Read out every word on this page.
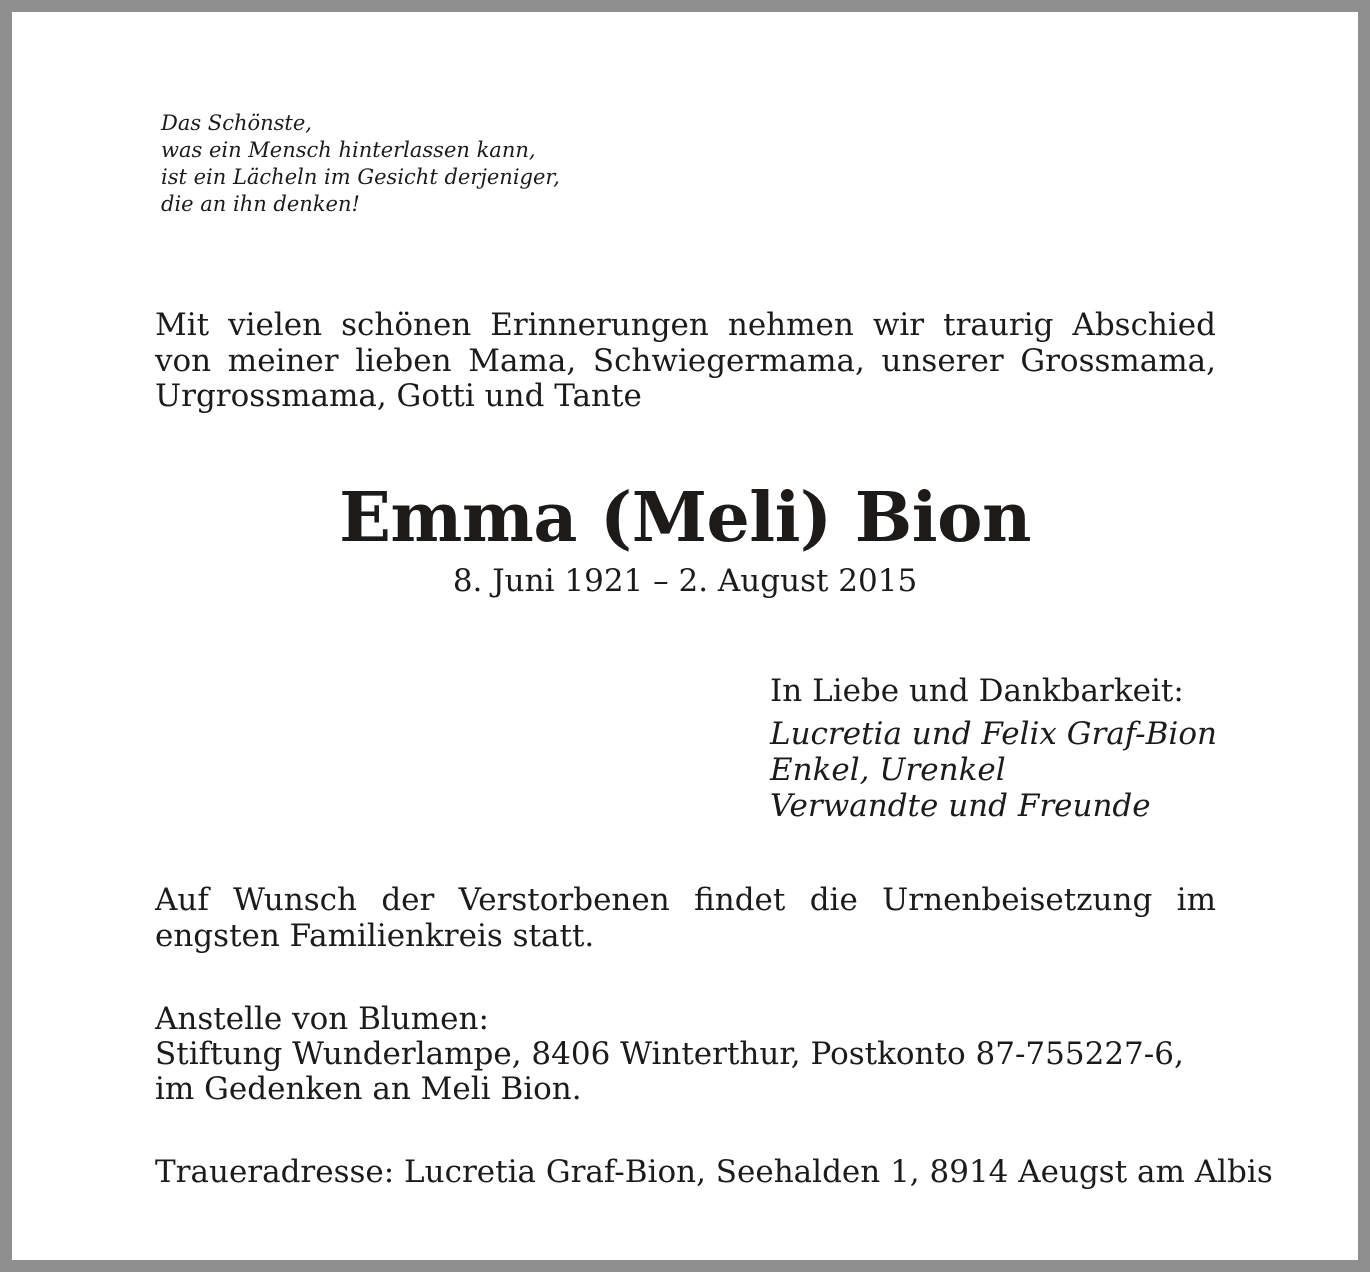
Das Schönste,
was ein Mensch hinterlassen kann,
ist ein Lächeln im Gesicht derjeniger,
die an ihn denken!
Mit vielen schönen Erinnerungen nehmen wir traurig Abschied
von meiner lieben Mama, Schwiegermama, unserer Grossmama,
Urgrossmama, Gotti und Tante
Emma (Meli) Bion
8. Juni 1921 – 2. August 2015
In Liebe und Dankbarkeit:
Lucretia und Felix Graf-Bion
Enkel, Urenkel
Verwandte und Freunde
Auf Wunsch der Verstorbenen findet die Urnenbeisetzung im
engsten Familienkreis statt.
Anstelle von Blumen:
Stiftung Wunderlampe, 8406 Winterthur, Postkonto 87-755227-6,
im Gedenken an Meli Bion.
Traueradresse: Lucretia Graf-Bion, Seehalden 1, 8914 Aeugst am Albis
